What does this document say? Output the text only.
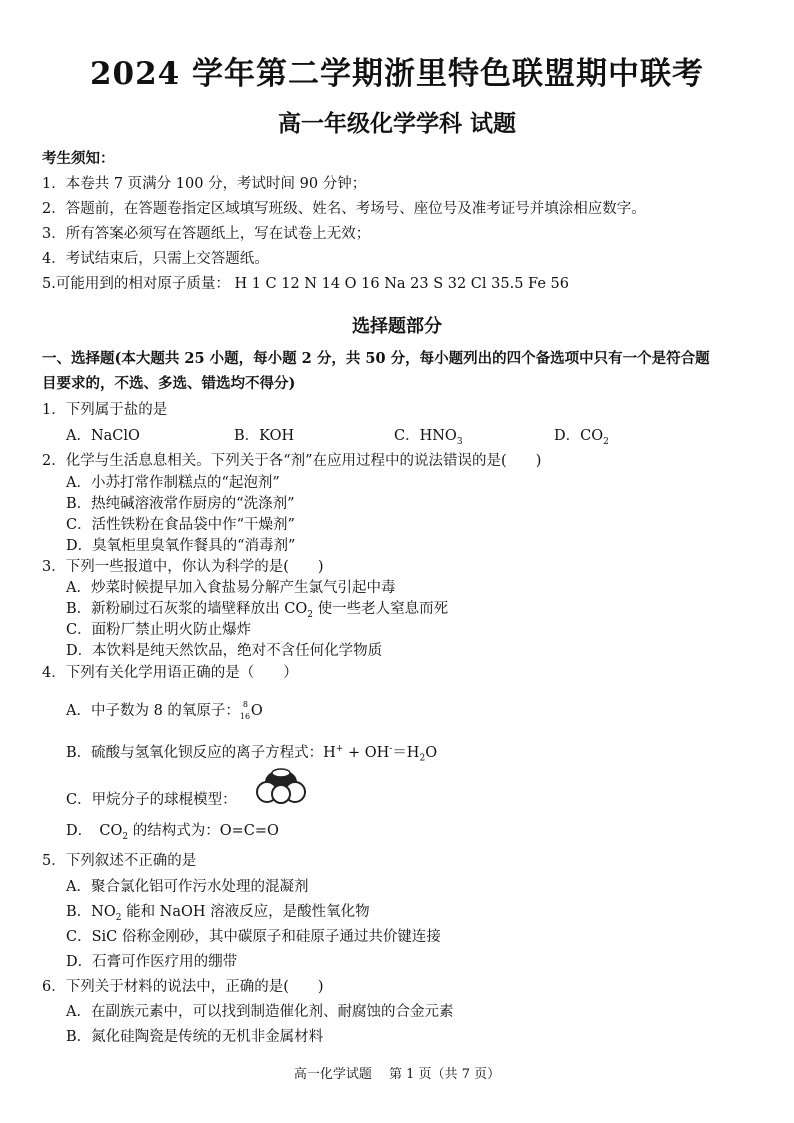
2024 学年第二学期浙里特色联盟期中联考
高一年级化学学科 试题
考生须知：
1．本卷共 7 页满分 100 分，考试时间 90 分钟；
2．答题前，在答题卷指定区域填写班级、姓名、考场号、座位号及准考证号并填涂相应数字。
3．所有答案必须写在答题纸上，写在试卷上无效；
4．考试结束后，只需上交答题纸。
5.可能用到的相对原子质量： H 1 C 12 N 14 O 16 Na 23 S 32 Cl 35.5 Fe 56
选择题部分
一、选择题(本大题共 25 小题，每小题 2 分，共 50 分，每小题列出的四个备选项中只有一个是符合题
目要求的，不选、多选、错选均不得分)
1．下列属于盐的是
A．NaClO	B．KOH	C．$HNO_3$	D．$CO_2$
2．化学与生活息息相关。下列关于各“剂”在应用过程中的说法错误的是(　　)
A．小苏打常作制糕点的“起泡剂”
B．热纯碱溶液常作厨房的“洗涤剂”
C．活性铁粉在食品袋中作“干燥剂”
D．臭氧柜里臭氧作餐具的“消毒剂”
3．下列一些报道中，你认为科学的是(　　)
A．炒菜时候提早加入食盐易分解产生氯气引起中毒
B．新粉刷过石灰浆的墙壁释放出 $CO_2$ 使一些老人窒息而死
C．面粉厂禁止明火防止爆炸
D．本饮料是纯天然饮品，绝对不含任何化学物质
4．下列有关化学用语正确的是（　　）
A．中子数为 8 的氧原子： 8
16 O
B．硫酸与氢氧化钡反应的离子方程式：$H^+ + OH^-=H_2O$
C．甲烷分子的球棍模型：
D．　$CO_2$ 的结构式为：O=C=O
5．下列叙述不正确的是
A．聚合氯化铝可作污水处理的混凝剂
B．$NO_2$ 能和 NaOH 溶液反应，是酸性氧化物
C．SiC 俗称金刚砂，其中碳原子和硅原子通过共价键连接
D．石膏可作医疗用的绷带
6．下列关于材料的说法中，正确的是(　　)
A．在副族元素中，可以找到制造催化剂、耐腐蚀的合金元素
B．氮化硅陶瓷是传统的无机非金属材料
高一化学试题　 第 1 页（共 7 页）
